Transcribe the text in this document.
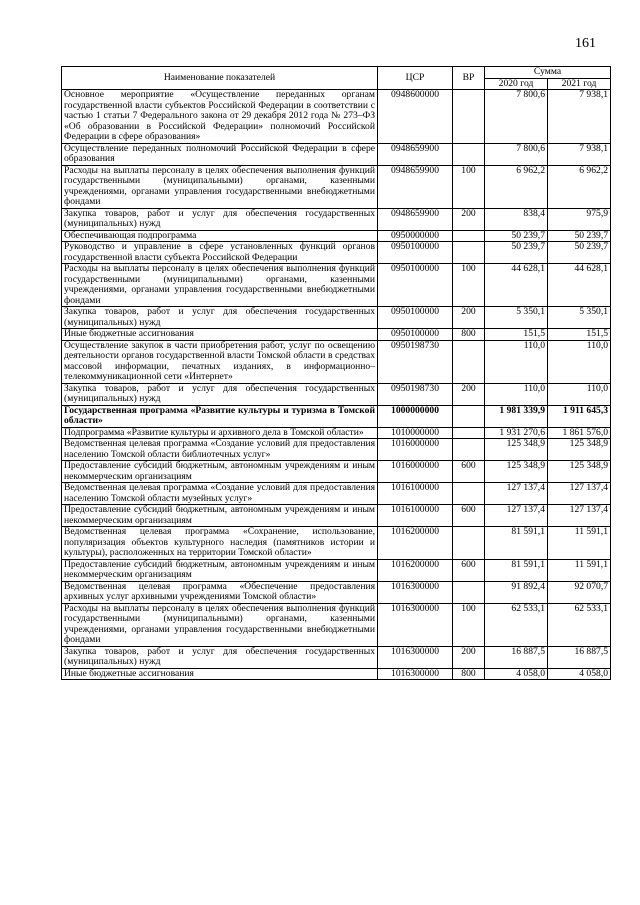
161
Наименование показателей	ЦСР	ВР	Сумма	
			2020 год	2021 год
Основное мероприятие «Осуществление переданных органам государственной власти субъектов Российской Федерации в соответствии с частью 1 статьи 7 Федерального закона от 29 декабря 2012 года № 273–ФЗ «Об образовании в Российской Федерации» полномочий Российской Федерации в сфере образования»	0948600000		7 800,6	7 938,1
Осуществление переданных полномочий Российской Федерации в сфере образования	0948659900		7 800,6	7 938,1
Расходы на выплаты персоналу в целях обеспечения выполнения функций государственными (муниципальными) органами, казенными учреждениями, органами управления государственными внебюджетными фондами	0948659900	100	6 962,2	6 962,2
Закупка товаров, работ и услуг для обеспечения государственных (муниципальных) нужд	0948659900	200	838,4	975,9
Обеспечивающая подпрограмма	0950000000		50 239,7	50 239,7
Руководство и управление в сфере установленных функций органов государственной власти субъекта Российской Федерации	0950100000		50 239,7	50 239,7
Расходы на выплаты персоналу в целях обеспечения выполнения функций государственными (муниципальными) органами, казенными учреждениями, органами управления государственными внебюджетными фондами	0950100000	100	44 628,1	44 628,1
Закупка товаров, работ и услуг для обеспечения государственных (муниципальных) нужд	0950100000	200	5 350,1	5 350,1
Иные бюджетные ассигнования	0950100000	800	151,5	151,5
Осуществление закупок в части приобретения работ, услуг по освещению деятельности органов государственной власти Томской области в средствах массовой информации, печатных изданиях, в информационно–телекоммуникационной сети «Интернет»	0950198730		110,0	110,0
Закупка товаров, работ и услуг для обеспечения государственных (муниципальных) нужд	0950198730	200	110,0	110,0
Государственная программа «Развитие культуры и туризма в Томской области»	1000000000		1 981 339,9	1 911 645,3
Подпрограмма «Развитие культуры и архивного дела в Томской области»	1010000000		1 931 270,6	1 861 576,0
Ведомственная целевая программа «Создание условий для предоставления населению Томской области библиотечных услуг»	1016000000		125 348,9	125 348,9
Предоставление субсидий бюджетным, автономным учреждениям и иным некоммерческим организациям	1016000000	600	125 348,9	125 348,9
Ведомственная целевая программа «Создание условий для предоставления населению Томской области музейных услуг»	1016100000		127 137,4	127 137,4
Предоставление субсидий бюджетным, автономным учреждениям и иным некоммерческим организациям	1016100000	600	127 137,4	127 137,4
Ведомственная целевая программа «Сохранение, использование, популяризация объектов культурного наследия (памятников истории и культуры), расположенных на территории Томской области»	1016200000		81 591,1	11 591,1
Предоставление субсидий бюджетным, автономным учреждениям и иным некоммерческим организациям	1016200000	600	81 591,1	11 591,1
Ведомственная целевая программа «Обеспечение предоставления архивных услуг архивными учреждениями Томской области»	1016300000		91 892,4	92 070,7
Расходы на выплаты персоналу в целях обеспечения выполнения функций государственными (муниципальными) органами, казенными учреждениями, органами управления государственными внебюджетными фондами	1016300000	100	62 533,1	62 533,1
Закупка товаров, работ и услуг для обеспечения государственных (муниципальных) нужд	1016300000	200	16 887,5	16 887,5
Иные бюджетные ассигнования	1016300000	800	4 058,0	4 058,0
